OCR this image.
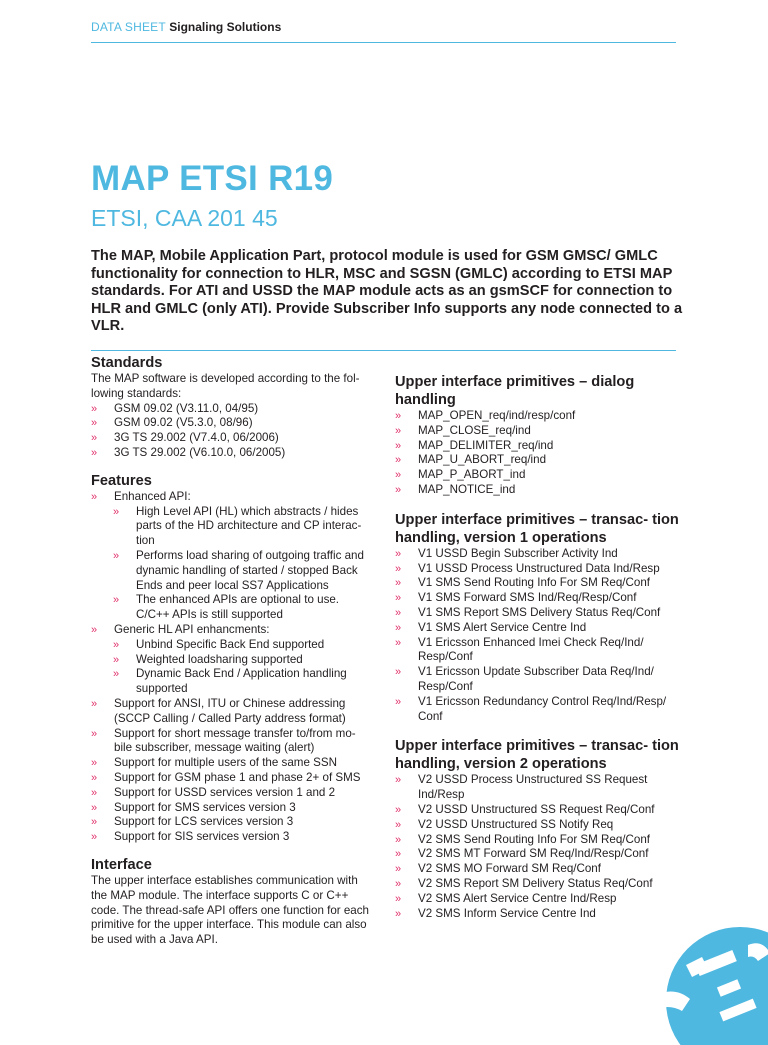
DATA SHEET Signaling Solutions
MAP ETSI R19
ETSI, CAA 201 45

The MAP, Mobile Application Part, protocol module is used for GSM GMSC/ GMLC functionality for connection to HLR, MSC and SGSN (GMLC) according to ETSI MAP standards. For ATI and USSD the MAP module acts as an gsmSCF for connection to HLR and GMLC (only ATI). Provide Subscriber Info supports any node connected to a VLR.

Standards

The MAP software is developed according to the fol- lowing standards:

» GSM 09.02 (V3.11.0, 04/95)
» GSM 09.02 (V5.3.0, 08/96)
» 3G TS 29.002 (V7.4.0, 06/2006)
» 3G TS 29.002 (V6.10.0, 06/2005)
Features
» Enhanced API:
» High Level API (HL) which abstracts / hides parts of the HD architecture and CP interac- tion
» Performs load sharing of outgoing traffic and dynamic handling of started / stopped Back Ends and peer local SS7 Applications
» The enhanced APIs are optional to use. C/C++ APIs is still supported
» Generic HL API enhancments:
» Unbind Specific Back End supported
» Weighted loadsharing supported
» Dynamic Back End / Application handling supported
» Support for ANSI, ITU or Chinese addressing (SCCP Calling / Called Party address format)
» Support for short message transfer to/from mo- bile subscriber, message waiting (alert)
» Support for multiple users of the same SSN
» Support for GSM phase 1 and phase 2+ of SMS
» Support for USSD services version 1 and 2
» Support for SMS services version 3
» Support for LCS services version 3
» Support for SIS services version 3
Interface

The upper interface establishes communication with the MAP module. The interface supports C or C++ code. The thread-safe API offers one function for each primitive for the upper interface. This module can also be used with a Java API.

Upper interface primitives – dialog handling
» MAP_OPEN_req/ind/resp/conf
» MAP_CLOSE_req/ind
» MAP_DELIMITER_req/ind
» MAP_U_ABORT_req/ind
» MAP_P_ABORT_ind
» MAP_NOTICE_ind
Upper interface primitives – transac- tion handling, version 1 operations
» V1 USSD Begin Subscriber Activity Ind
» V1 USSD Process Unstructured Data Ind/Resp
» V1 SMS Send Routing Info For SM Req/Conf
» V1 SMS Forward SMS Ind/Req/Resp/Conf
» V1 SMS Report SMS Delivery Status Req/Conf
» V1 SMS Alert Service Centre Ind
» V1 Ericsson Enhanced Imei Check Req/Ind/ Resp/Conf
» V1 Ericsson Update Subscriber Data Req/Ind/ Resp/Conf
» V1 Ericsson Redundancy Control Req/Ind/Resp/ Conf
Upper interface primitives – transac- tion handling, version 2 operations
» V2 USSD Process Unstructured SS Request Ind/Resp
» V2 USSD Unstructured SS Request Req/Conf
» V2 USSD Unstructured SS Notify Req
» V2 SMS Send Routing Info For SM Req/Conf
» V2 SMS MT Forward SM Req/Ind/Resp/Conf
» V2 SMS MO Forward SM Req/Conf
» V2 SMS Report SM Delivery Status Req/Conf
» V2 SMS Alert Service Centre Ind/Resp
» V2 SMS Inform Service Centre Ind
